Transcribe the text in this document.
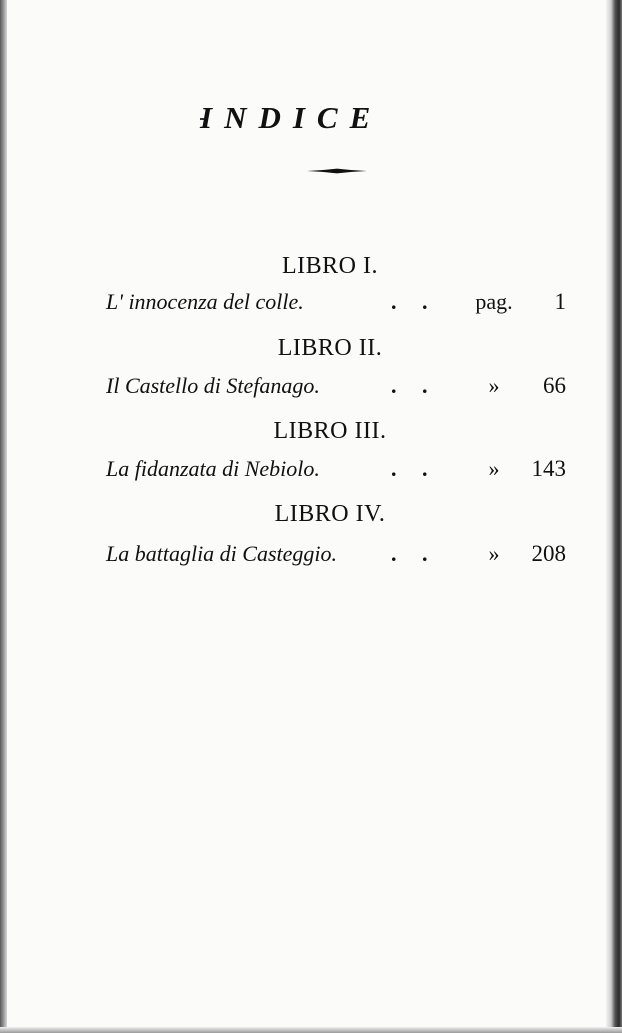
INDICE
LIBRO I.
L' innocenza del colle.	. .	pag.	1
LIBRO II.
Il Castello di Stefanago.	. .	»	66
LIBRO III.
La fidanzata di Nebiolo.	. .	»	143
LIBRO IV.
La battaglia di Casteggio. . .	»	208
